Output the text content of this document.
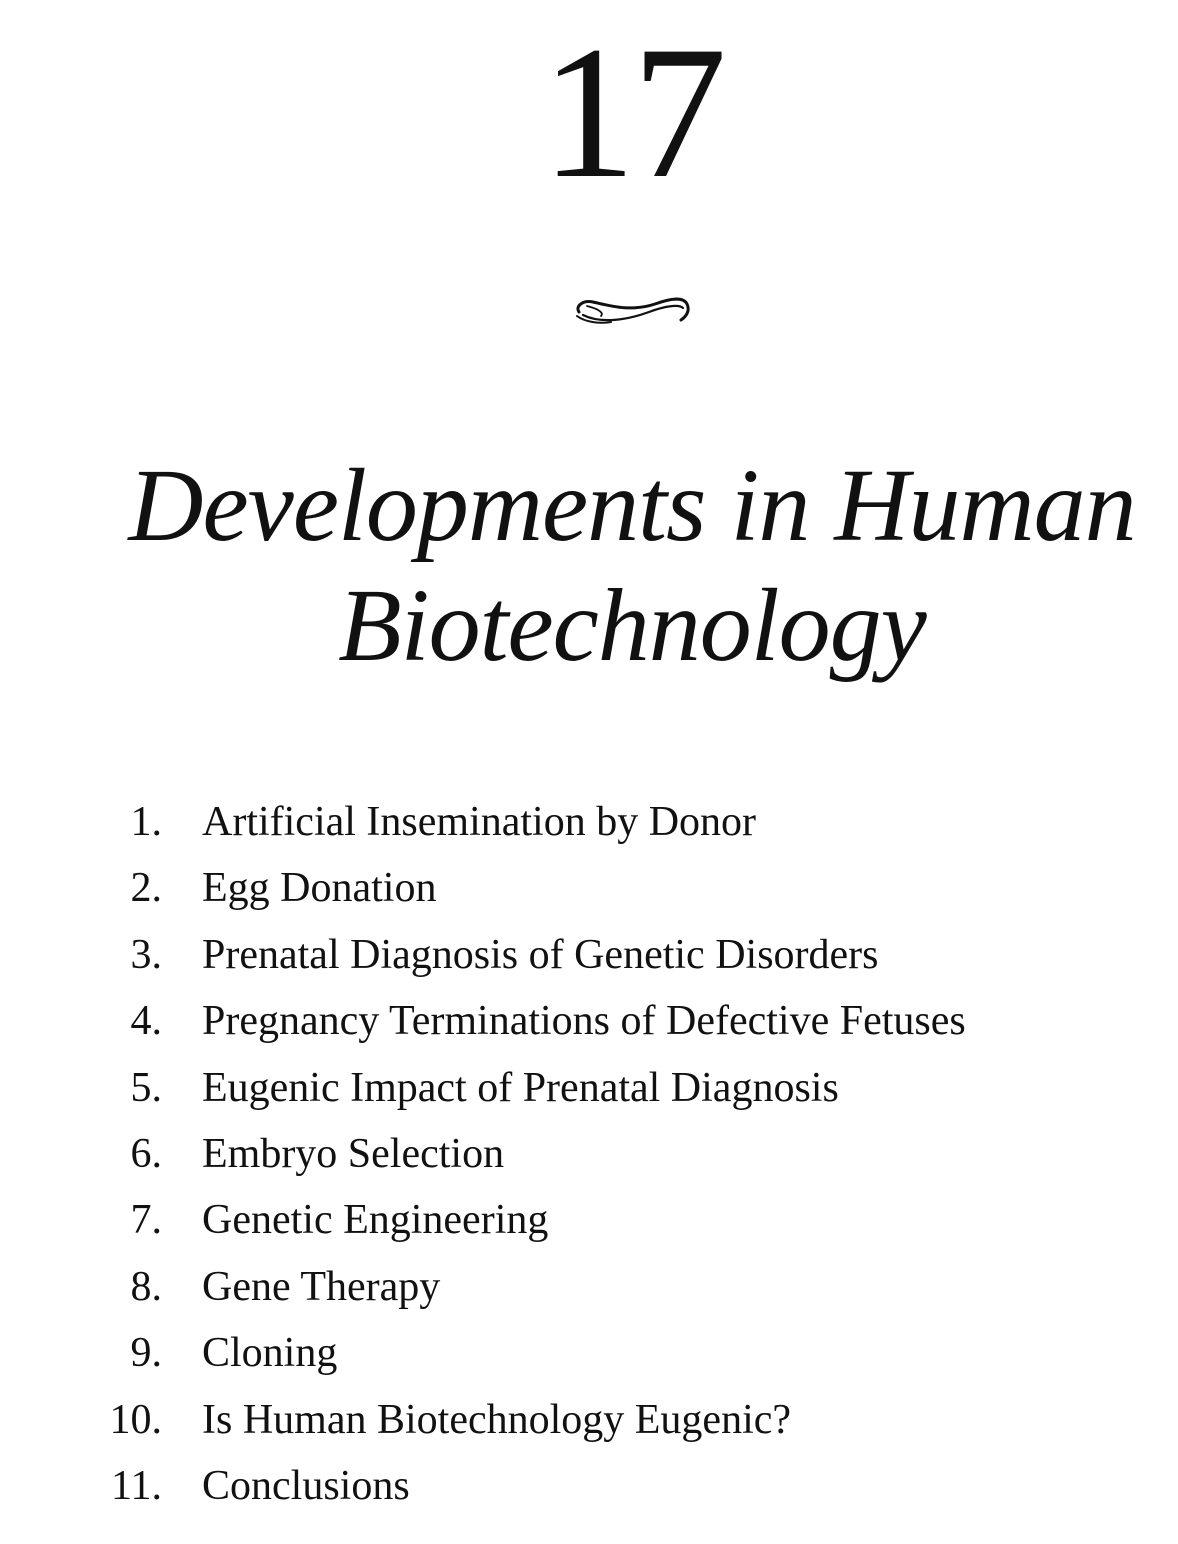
17
Developments in Human
Biotechnology
1. Artificial Insemination by Donor
2. Egg Donation
3. Prenatal Diagnosis of Genetic Disorders
4. Pregnancy Terminations of Defective Fetuses
5. Eugenic Impact of Prenatal Diagnosis
6. Embryo Selection
7. Genetic Engineering
8. Gene Therapy
9. Cloning
10. Is Human Biotechnology Eugenic?
11. Conclusions
